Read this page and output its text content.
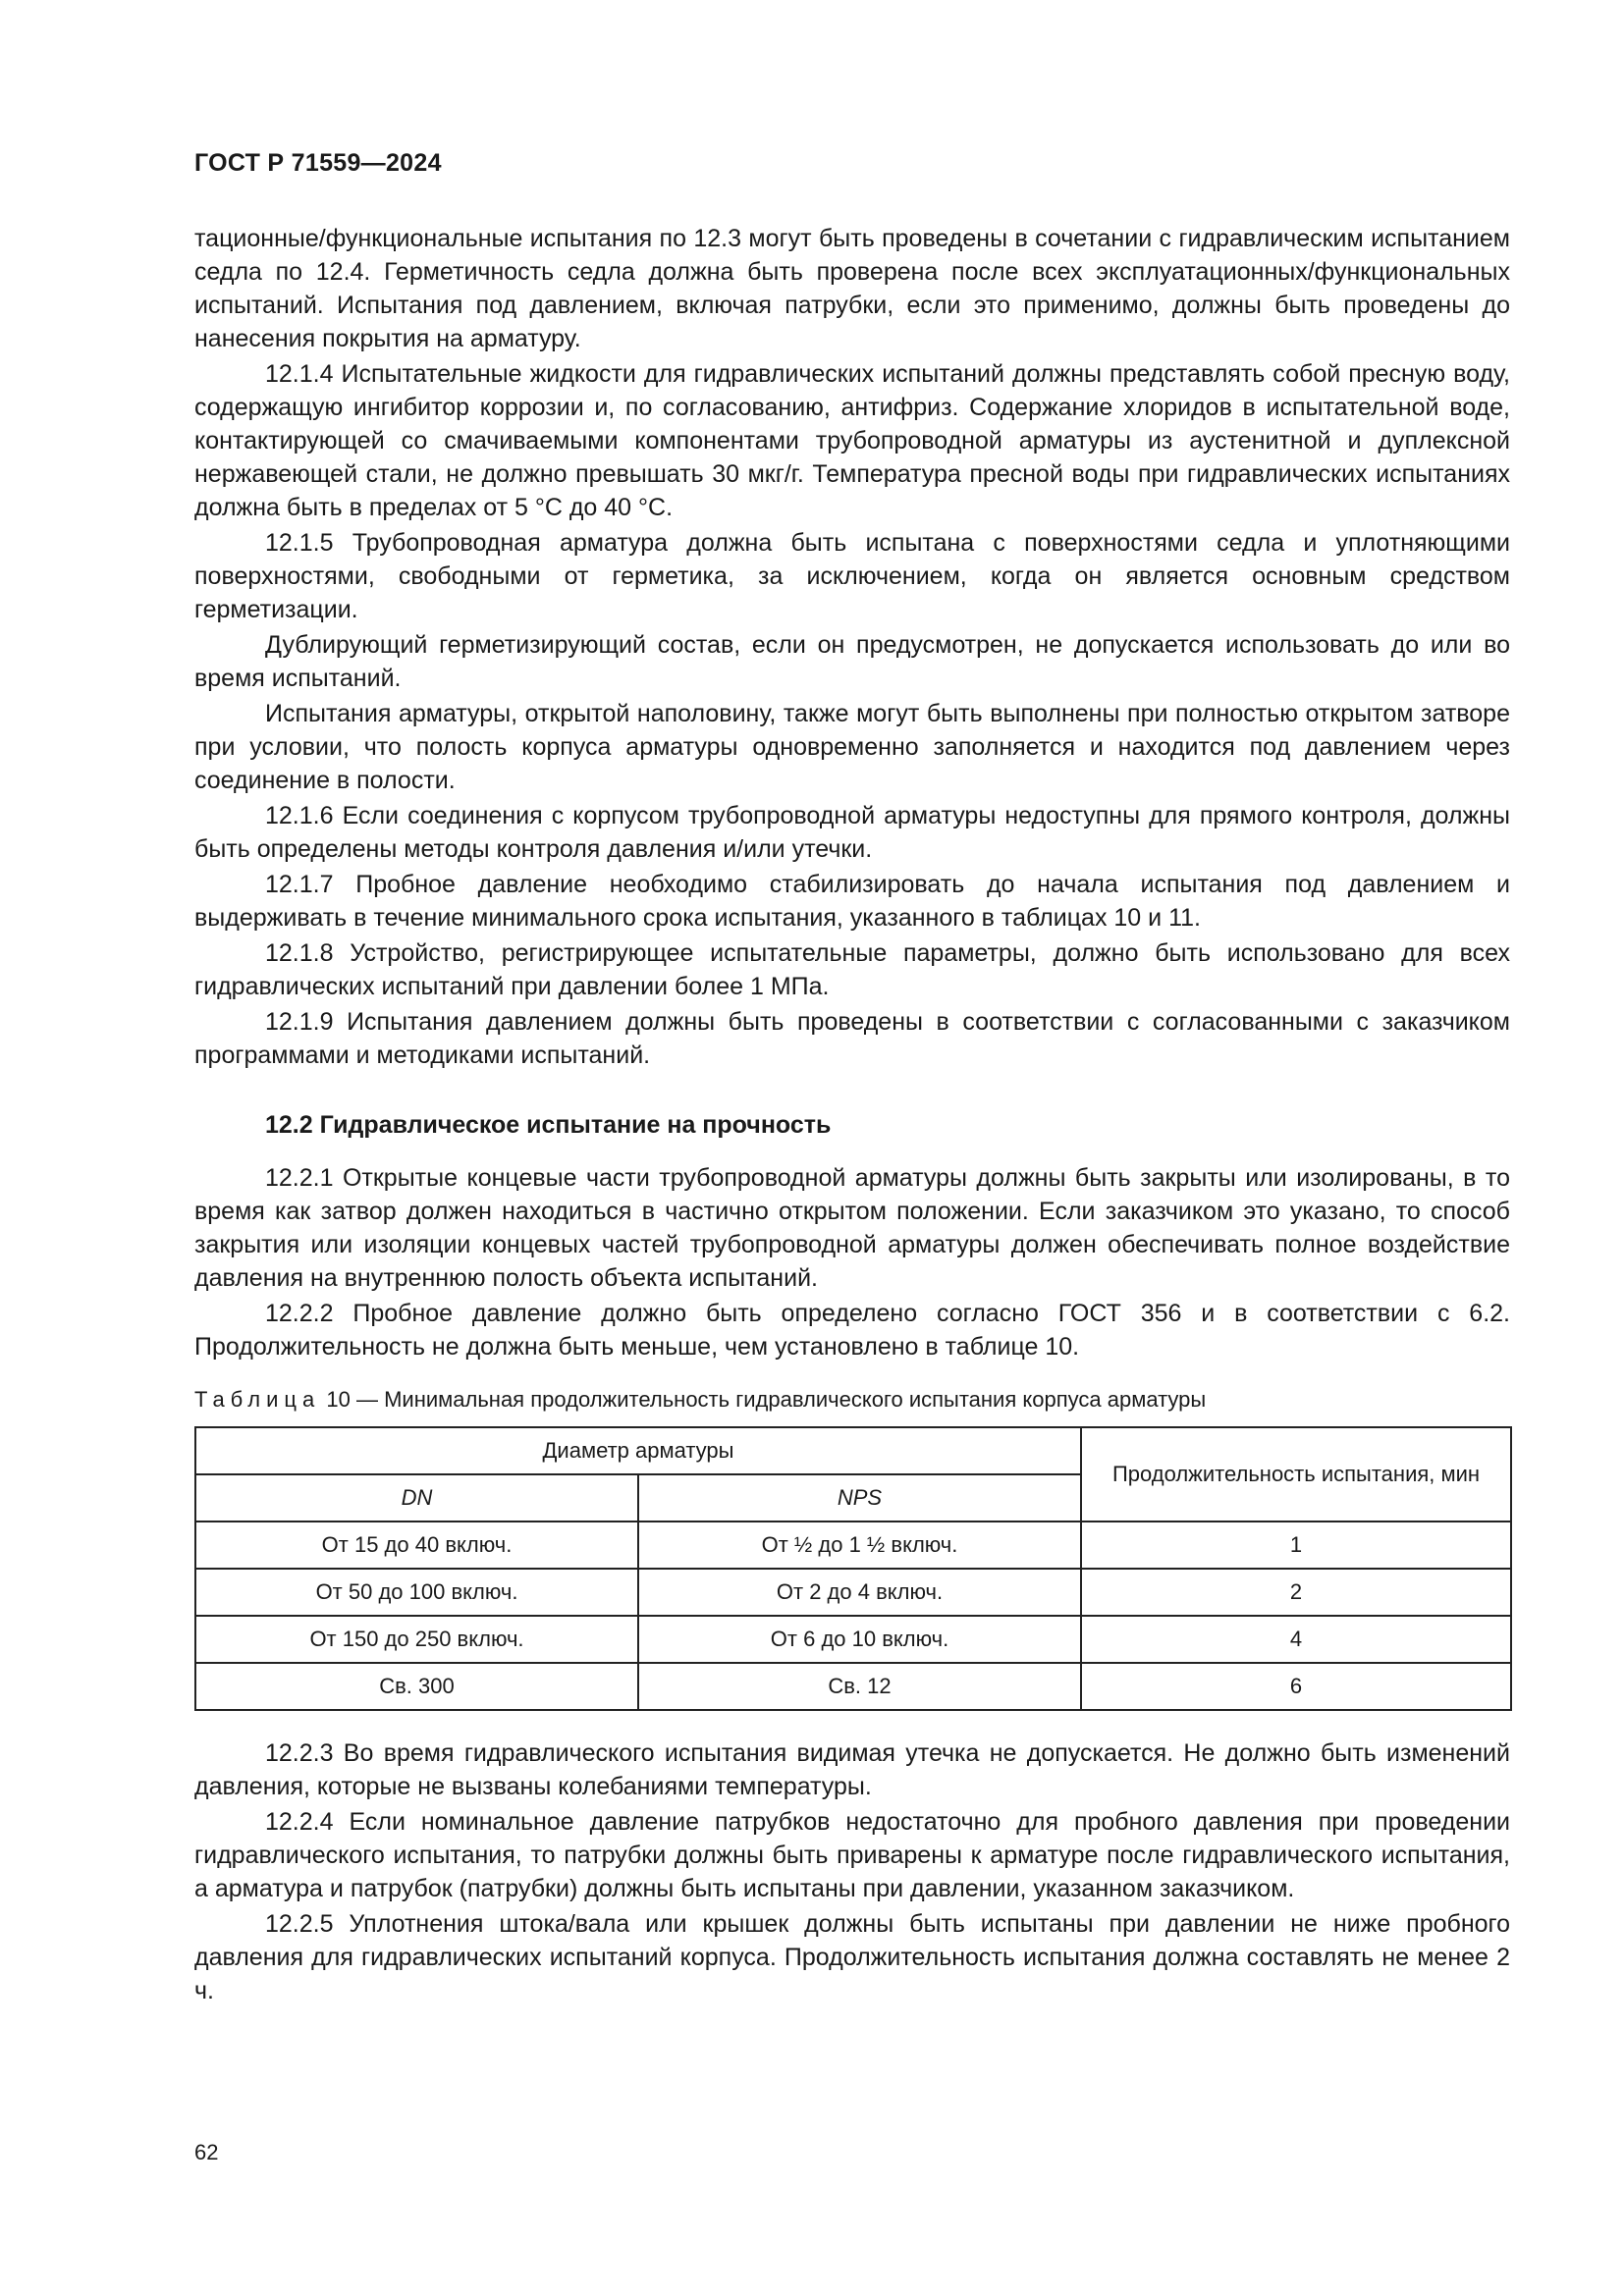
ГОСТ Р 71559—2024

тационные/функциональные испытания по 12.3 могут быть проведены в сочетании с гидравлическим испытанием седла по 12.4. Герметичность седла должна быть проверена после всех эксплуатационных/функциональных испытаний. Испытания под давлением, включая патрубки, если это применимо, должны быть проведены до нанесения покрытия на арматуру.

12.1.4 Испытательные жидкости для гидравлических испытаний должны представлять собой пресную воду, содержащую ингибитор коррозии и, по согласованию, антифриз. Содержание хлоридов в испытательной воде, контактирующей со смачиваемыми компонентами трубопроводной арматуры из аустенитной и дуплексной нержавеющей стали, не должно превышать 30 мкг/г. Температура пресной воды при гидравлических испытаниях должна быть в пределах от 5 °С до 40 °С.

12.1.5 Трубопроводная арматура должна быть испытана с поверхностями седла и уплотняющими поверхностями, свободными от герметика, за исключением, когда он является основным средством герметизации.

Дублирующий герметизирующий состав, если он предусмотрен, не допускается использовать до или во время испытаний.

Испытания арматуры, открытой наполовину, также могут быть выполнены при полностью открытом затворе при условии, что полость корпуса арматуры одновременно заполняется и находится под давлением через соединение в полости.

12.1.6 Если соединения с корпусом трубопроводной арматуры недоступны для прямого контроля, должны быть определены методы контроля давления и/или утечки.

12.1.7 Пробное давление необходимо стабилизировать до начала испытания под давлением и выдерживать в течение минимального срока испытания, указанного в таблицах 10 и 11.

12.1.8 Устройство, регистрирующее испытательные параметры, должно быть использовано для всех гидравлических испытаний при давлении более 1 МПа.

12.1.9 Испытания давлением должны быть проведены в соответствии с согласованными с заказчиком программами и методиками испытаний.

12.2 Гидравлическое испытание на прочность

12.2.1 Открытые концевые части трубопроводной арматуры должны быть закрыты или изолированы, в то время как затвор должен находиться в частично открытом положении. Если заказчиком это указано, то способ закрытия или изоляции концевых частей трубопроводной арматуры должен обеспечивать полное воздействие давления на внутреннюю полость объекта испытаний.

12.2.2 Пробное давление должно быть определено согласно ГОСТ 356 и в соответствии с 6.2. Продолжительность не должна быть меньше, чем установлено в таблице 10.

Таблица 10 — Минимальная продолжительность гидравлического испытания корпуса арматуры
Диаметр арматуры		Продолжительность испытания, мин
DN	NPS	
От 15 до 40 включ.	От ½ до 1 ½ включ.	1
От 50 до 100 включ.	От 2 до 4 включ.	2
От 150 до 250 включ.	От 6 до 10 включ.	4
Св. 300	Св. 12	6

12.2.3 Во время гидравлического испытания видимая утечка не допускается. Не должно быть изменений давления, которые не вызваны колебаниями температуры.

12.2.4 Если номинальное давление патрубков недостаточно для пробного давления при проведении гидравлического испытания, то патрубки должны быть приварены к арматуре после гидравлического испытания, а арматура и патрубок (патрубки) должны быть испытаны при давлении, указанном заказчиком.

12.2.5 Уплотнения штока/вала или крышек должны быть испытаны при давлении не ниже пробного давления для гидравлических испытаний корпуса. Продолжительность испытания должна составлять не менее 2 ч.

62
